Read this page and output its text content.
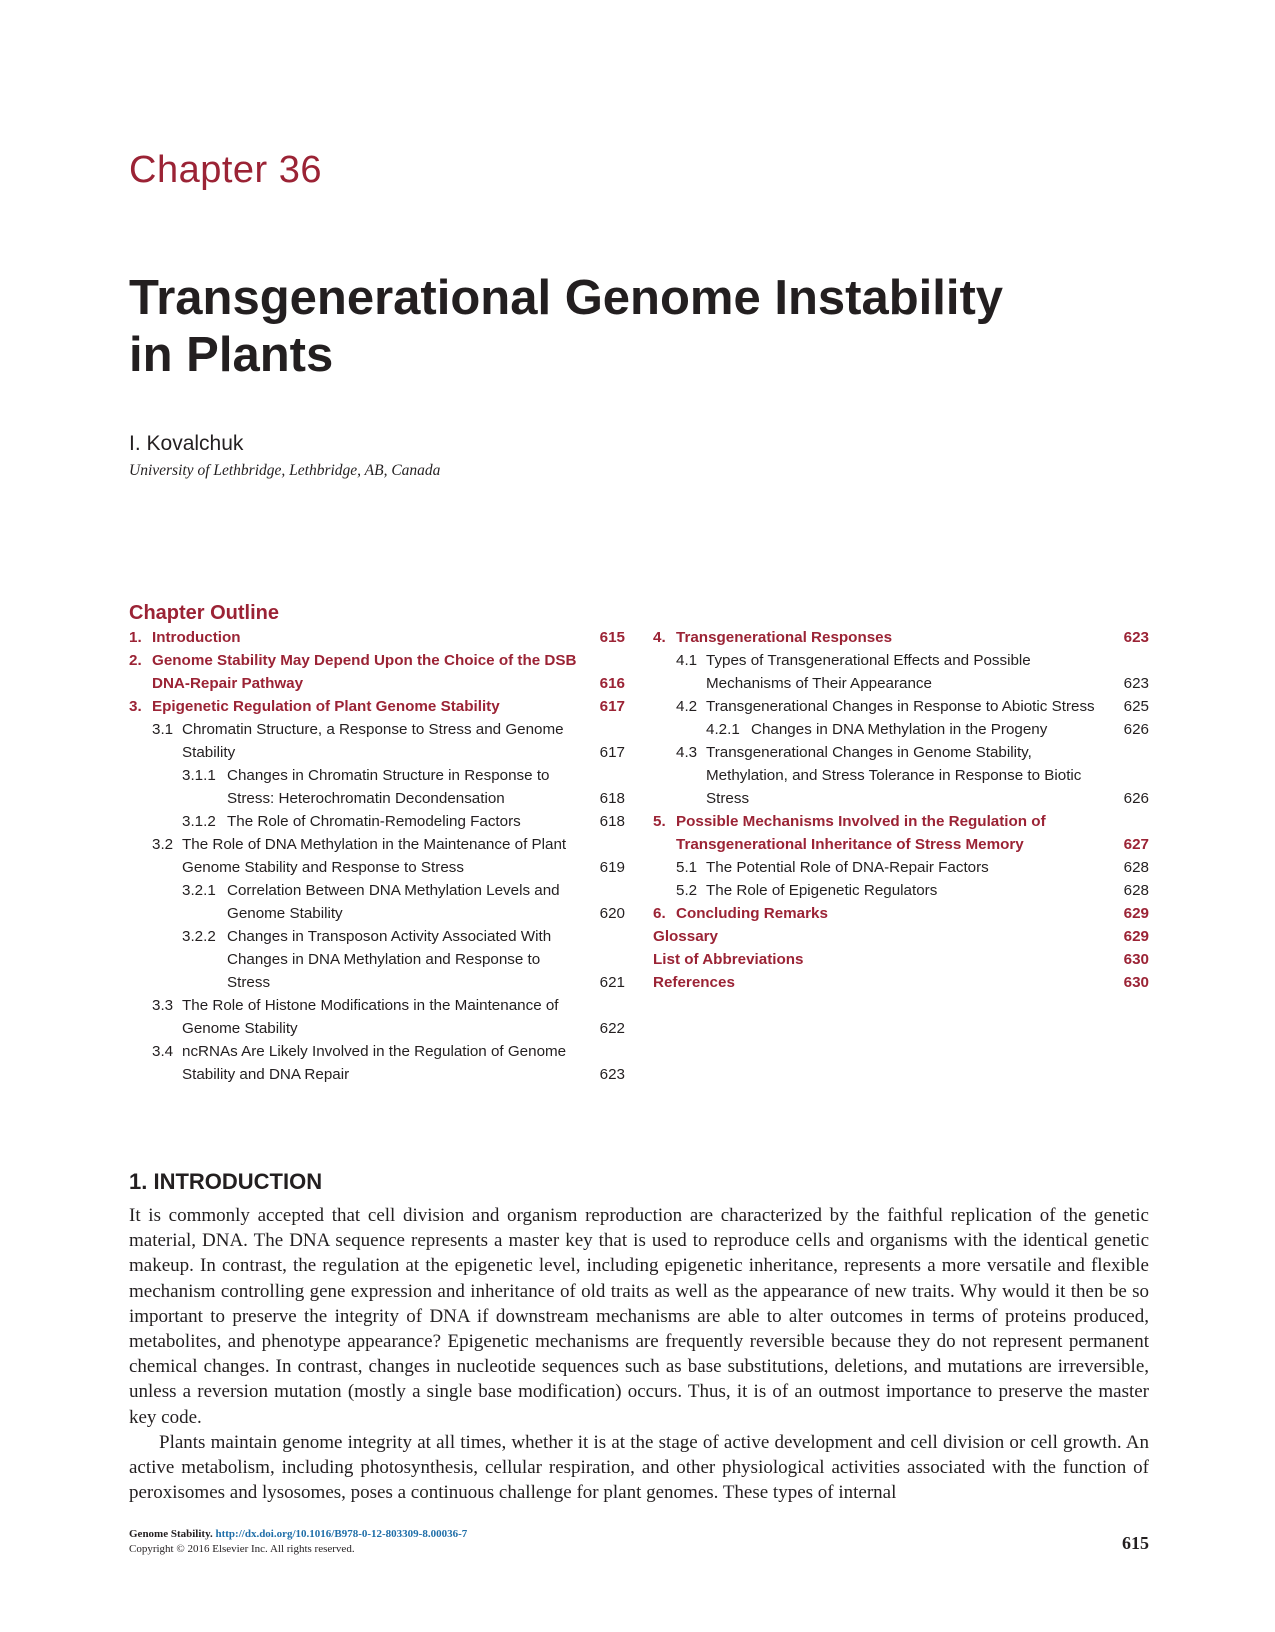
Chapter 36
Transgenerational Genome Instability
in Plants

I. Kovalchuk

University of Lethbridge, Lethbridge, AB, Canada

Chapter Outline
1. Introduction	615
2. Genome Stability May Depend Upon the Choice of the DSB DNA-Repair Pathway	616
3. Epigenetic Regulation of Plant Genome Stability	617
3.1 Chromatin Structure, a Response to Stress and Genome Stability	617
3.1.1 Changes in Chromatin Structure in Response to Stress: Heterochromatin Decondensation	618
3.1.2 The Role of Chromatin-Remodeling Factors	618
3.2 The Role of DNA Methylation in the Maintenance of Plant Genome Stability and Response to Stress	619
3.2.1 Correlation Between DNA Methylation Levels and Genome Stability	620
3.2.2 Changes in Transposon Activity Associated With Changes in DNA Methylation and Response to Stress	621
3.3 The Role of Histone Modifications in the Maintenance of Genome Stability	622
3.4 ncRNAs Are Likely Involved in the Regulation of Genome Stability and DNA Repair	623
4. Transgenerational Responses	623
4.1 Types of Transgenerational Effects and Possible Mechanisms of Their Appearance	623
4.2 Transgenerational Changes in Response to Abiotic Stress	625
4.2.1 Changes in DNA Methylation in the Progeny	626
4.3 Transgenerational Changes in Genome Stability, Methylation, and Stress Tolerance in Response to Biotic Stress	626
5. Possible Mechanisms Involved in the Regulation of Transgenerational Inheritance of Stress Memory	627
5.1 The Potential Role of DNA-Repair Factors	628
5.2 The Role of Epigenetic Regulators	628
6. Concluding Remarks	629
Glossary	629
List of Abbreviations	630
References	630
1. INTRODUCTION

It is commonly accepted that cell division and organism reproduction are characterized by the faithful replication of the genetic material, DNA. The DNA sequence represents a master key that is used to reproduce cells and organisms with the identical genetic makeup. In contrast, the regulation at the epigenetic level, including epigenetic inheritance, represents a more versatile and flexible mechanism controlling gene expression and inheritance of old traits as well as the appearance of new traits. Why would it then be so important to preserve the integrity of DNA if downstream mechanisms are able to alter outcomes in terms of proteins produced, metabolites, and phenotype appearance? Epigenetic mechanisms are frequently reversible because they do not represent permanent chemical changes. In contrast, changes in nucleotide sequences such as base substitutions, deletions, and mutations are irreversible, unless a reversion mutation (mostly a single base modification) occurs. Thus, it is of an outmost importance to preserve the master key code.

Plants maintain genome integrity at all times, whether it is at the stage of active development and cell division or cell growth. An active metabolism, including photosynthesis, cellular respiration, and other physiological activities associated with the function of peroxisomes and lysosomes, poses a continuous challenge for plant genomes. These types of internal

Genome Stability. http://dx.doi.org/10.1016/B978-0-12-803309-8.00036-7
Copyright © 2016 Elsevier Inc. All rights reserved.	615
